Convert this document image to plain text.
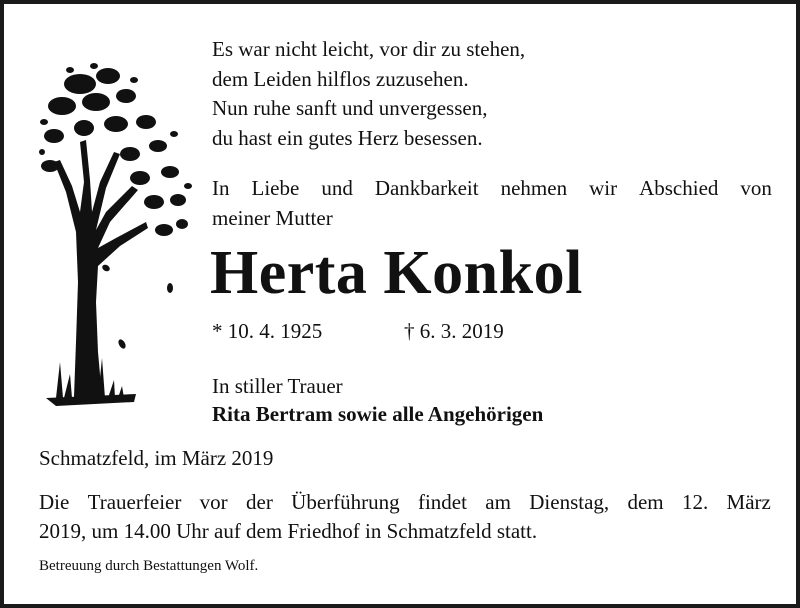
Es war nicht leicht, vor dir zu stehen,
dem Leiden hilflos zuzusehen.
Nun ruhe sanft und unvergessen,
du hast ein gutes Herz besessen.
In Liebe und Dankbarkeit nehmen wir Abschied von
meiner Mutter
Herta Konkol
* 10. 4. 1925	† 6. 3. 2019
In stiller Trauer
Rita Bertram sowie alle Angehörigen
Schmatzfeld, im März 2019
Die Trauerfeier vor der Überführung findet am Dienstag, dem 12. März
2019, um 14.00 Uhr auf dem Friedhof in Schmatzfeld statt.
Betreuung durch Bestattungen Wolf.
